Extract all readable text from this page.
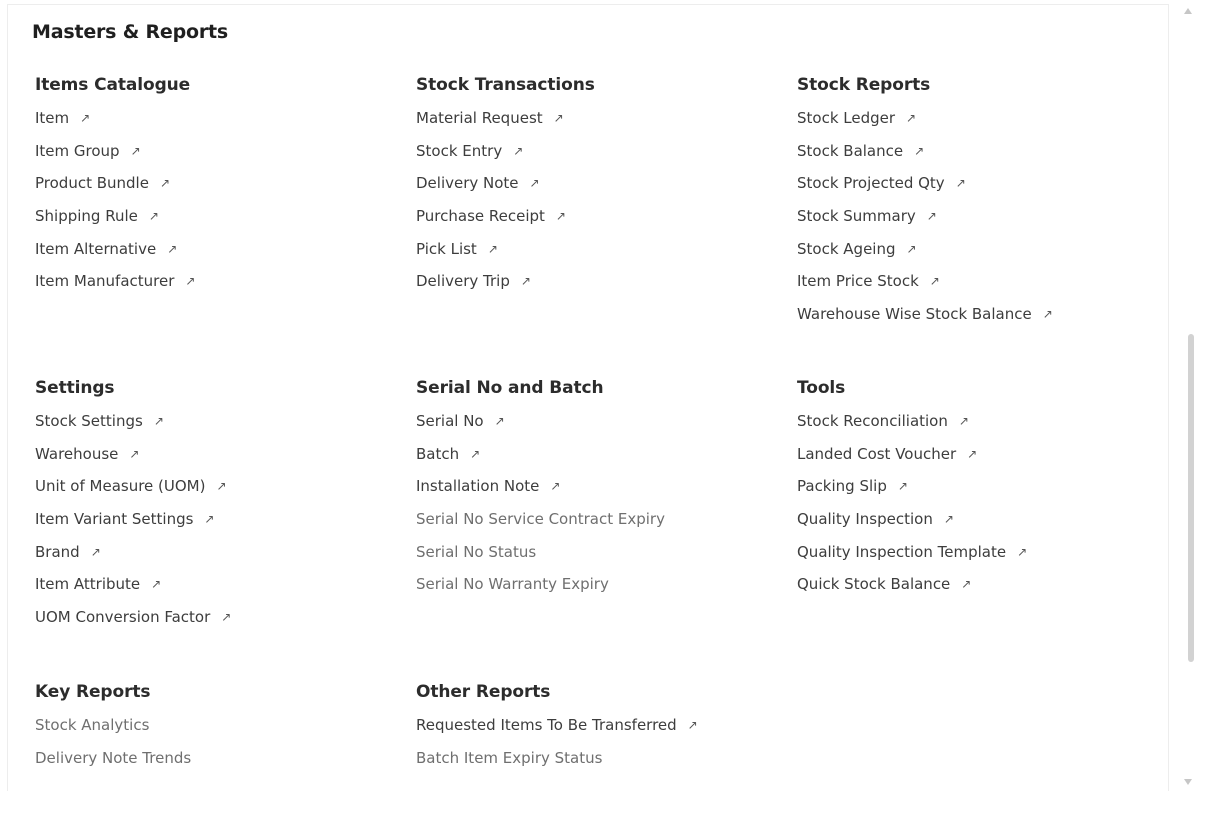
Masters & Reports
Items Catalogue
Item ↗
Item Group ↗
Product Bundle ↗
Shipping Rule ↗
Item Alternative ↗
Item Manufacturer ↗
Stock Transactions
Material Request ↗
Stock Entry ↗
Delivery Note ↗
Purchase Receipt ↗
Pick List ↗
Delivery Trip ↗
Stock Reports
Stock Ledger ↗
Stock Balance ↗
Stock Projected Qty ↗
Stock Summary ↗
Stock Ageing ↗
Item Price Stock ↗
Warehouse Wise Stock Balance ↗
Settings
Stock Settings ↗
Warehouse ↗
Unit of Measure (UOM) ↗
Item Variant Settings ↗
Brand ↗
Item Attribute ↗
UOM Conversion Factor ↗
Serial No and Batch
Serial No ↗
Batch ↗
Installation Note ↗
Serial No Service Contract Expiry
Serial No Status
Serial No Warranty Expiry
Tools
Stock Reconciliation ↗
Landed Cost Voucher ↗
Packing Slip ↗
Quality Inspection ↗
Quality Inspection Template ↗
Quick Stock Balance ↗
Key Reports
Stock Analytics
Delivery Note Trends
Other Reports
Requested Items To Be Transferred ↗
Batch Item Expiry Status
